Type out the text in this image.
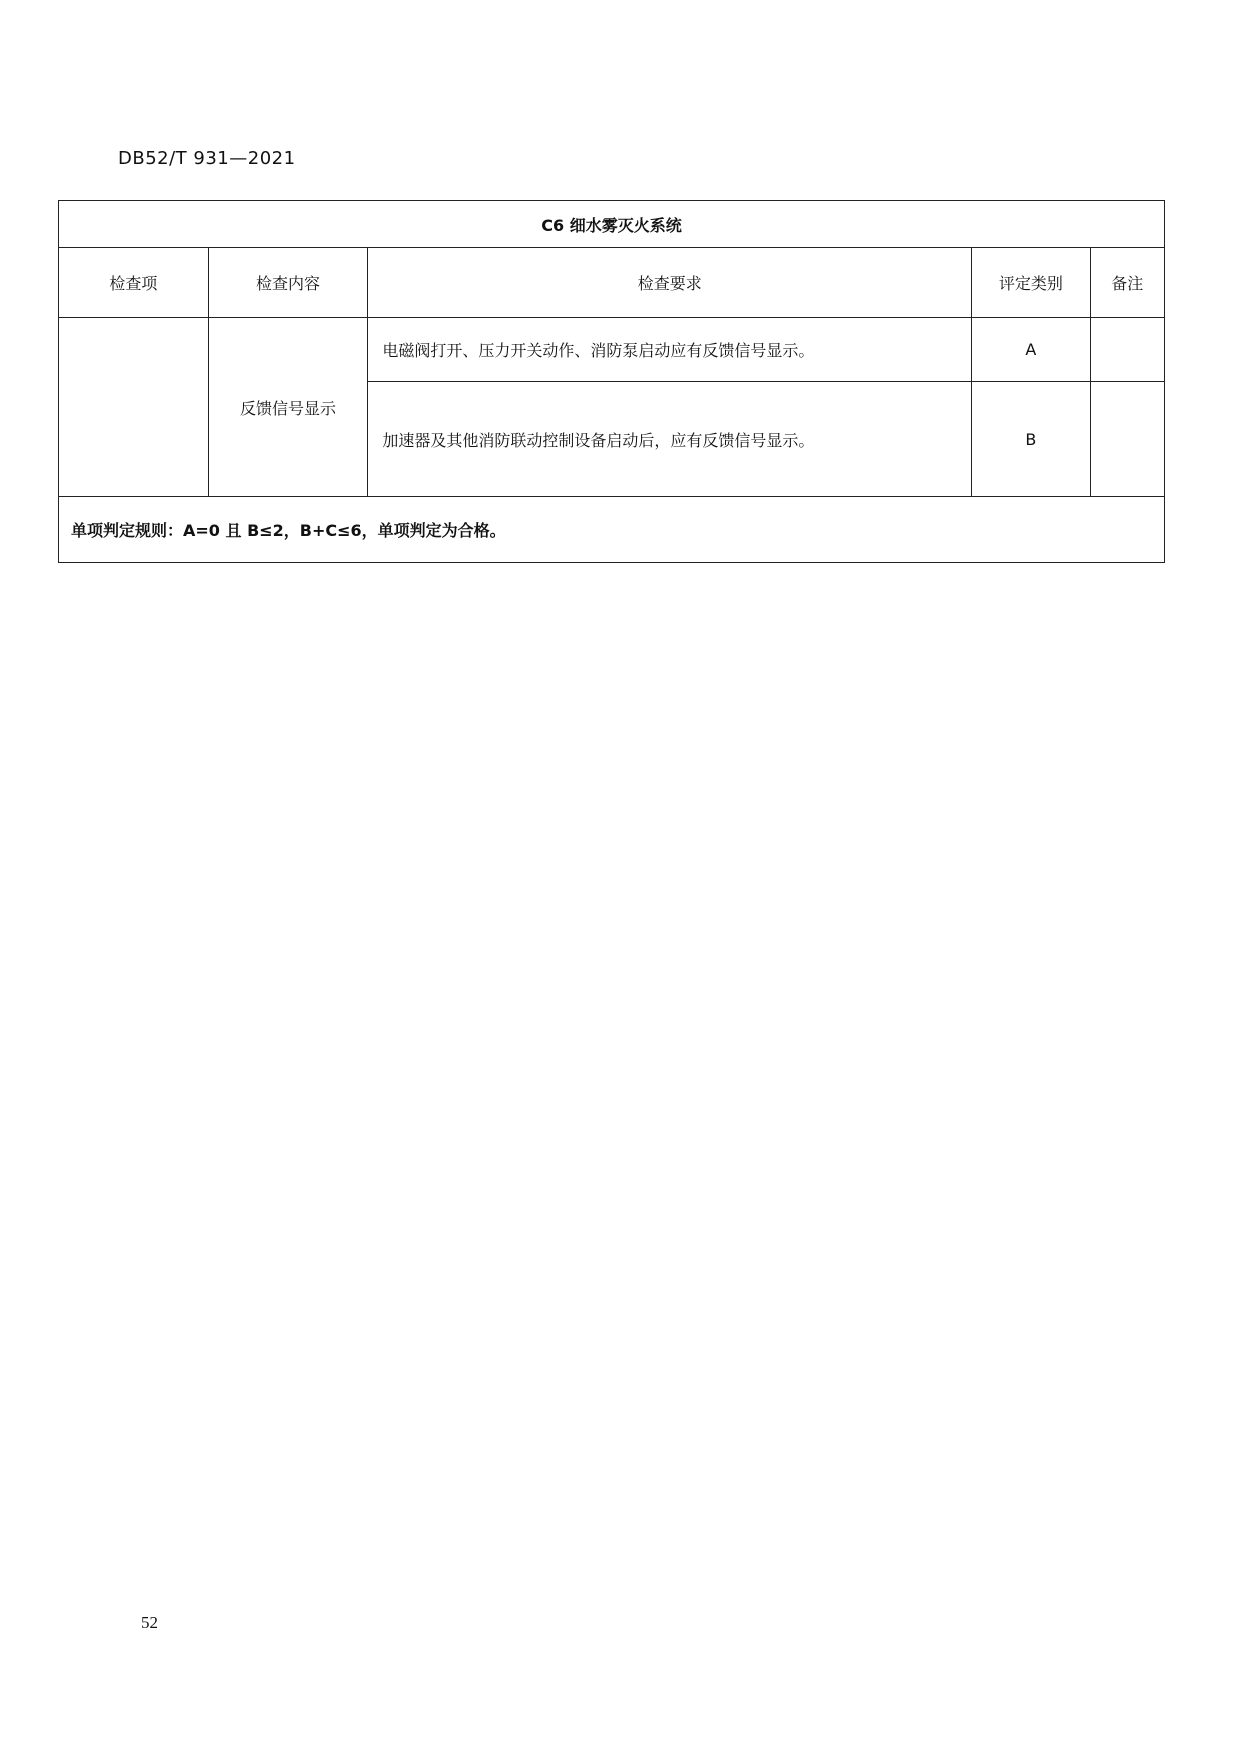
DB52/T 931—2021
C6 细水雾灭火系统				
检查项	检查内容	检查要求	评定类别	备注
	反馈信号显示	电磁阀打开、压力开关动作、消防泵启动应有反馈信号显示。	A	
		加速器及其他消防联动控制设备启动后，应有反馈信号显示。	B	
单项判定规则：A=0 且 B≤2，B+C≤6，单项判定为合格。				
52
